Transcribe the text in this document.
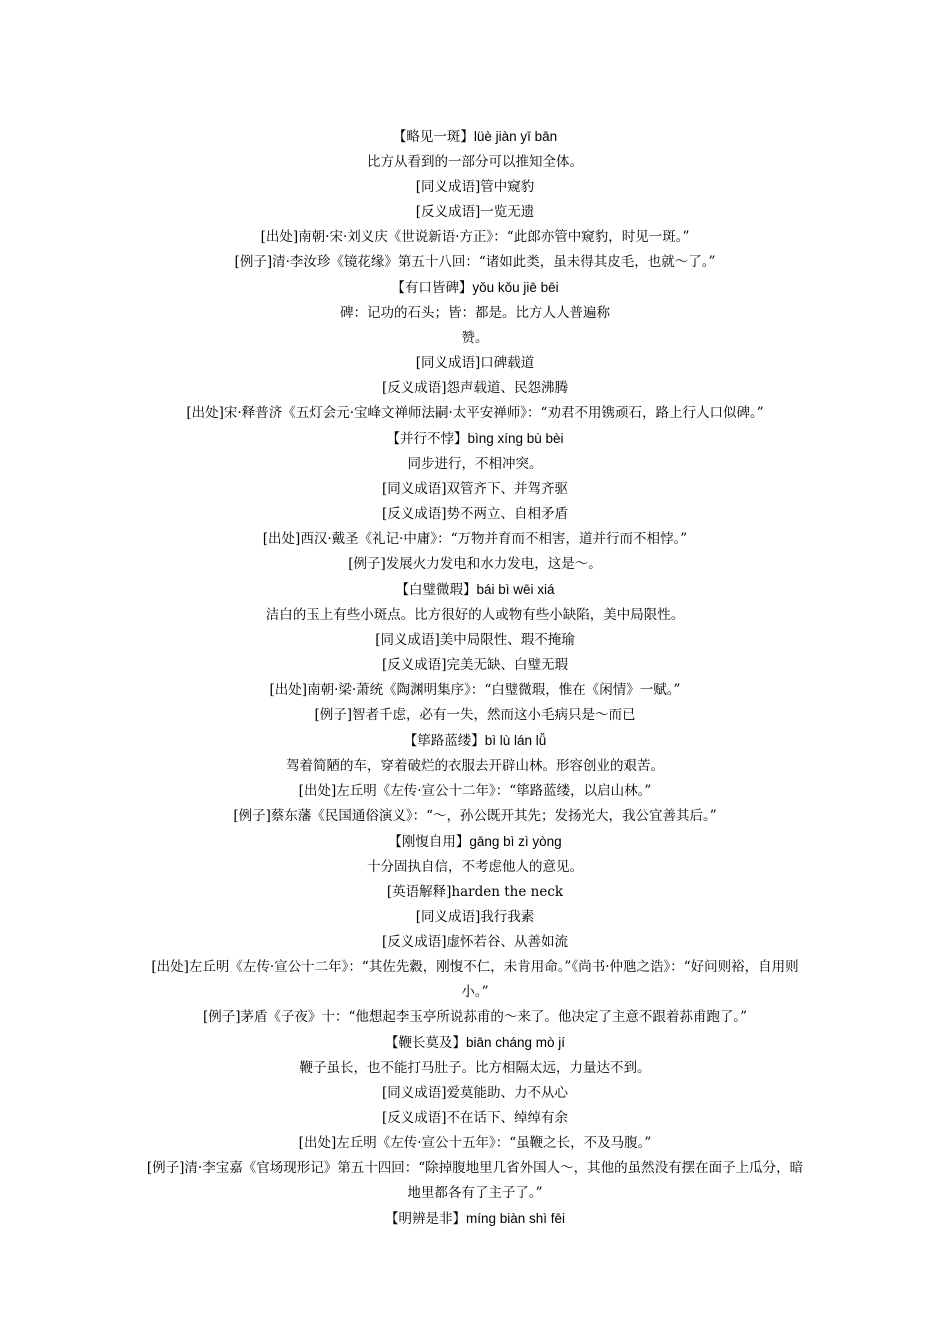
【略见一斑】lüè jiàn yī bān
比方从看到的一部分可以推知全体。
[同义成语]管中窥豹
[反义成语]一览无遗
[出处]南朝·宋·刘义庆《世说新语·方正》：“此郎亦管中窥豹，时见一斑。”
[例子]清·李汝珍《镜花缘》第五十八回：“诸如此类，虽未得其皮毛，也就～了。”
【有口皆碑】yǒu kǒu jiē bēi
碑：记功的石头；皆：都是。比方人人普遍称
赞。
[同义成语]口碑载道
[反义成语]怨声载道、民怨沸腾
[出处]宋·释普济《五灯会元·宝峰文禅师法嗣·太平安禅师》：“劝君不用镌顽石，路上行人口似碑。”
【并行不悖】bìng xíng bù bèi
同步进行，不相冲突。
[同义成语]双管齐下、并驾齐驱
[反义成语]势不两立、自相矛盾
[出处]西汉·戴圣《礼记·中庸》：“万物并育而不相害，道并行而不相悖。”
[例子]发展火力发电和水力发电，这是～。
【白璧微瑕】bái bì wēi xiá
洁白的玉上有些小斑点。比方很好的人或物有些小缺陷，美中局限性。
[同义成语]美中局限性、瑕不掩瑜
[反义成语]完美无缺、白璧无瑕
[出处]南朝·梁·萧统《陶渊明集序》：“白璧微瑕，惟在《闲情》一赋。”
[例子]智者千虑，必有一失，然而这小毛病只是～而已
【筚路蓝缕】bì lù lán lǚ
驾着简陋的车，穿着破烂的衣服去开辟山林。形容创业的艰苦。
[出处]左丘明《左传·宣公十二年》：“筚路蓝缕，以启山林。”
[例子]蔡东藩《民国通俗演义》：“～，孙公既开其先；发扬光大，我公宜善其后。”
【刚愎自用】gāng bì zì yòng
十分固执自信，不考虑他人的意见。
[英语解释]harden the neck
[同义成语]我行我素
[反义成语]虚怀若谷、从善如流
[出处]左丘明《左传·宣公十二年》：“其佐先縠，刚愎不仁，未肯用命。”《尚书·仲虺之诰》：“好问则裕，自用则小。”
[例子]茅盾《子夜》十：“他想起李玉亭所说荪甫的～来了。他决定了主意不跟着荪甫跑了。”
【鞭长莫及】biān cháng mò jí
鞭子虽长，也不能打马肚子。比方相隔太远，力量达不到。
[同义成语]爱莫能助、力不从心
[反义成语]不在话下、绰绰有余
[出处]左丘明《左传·宣公十五年》：“虽鞭之长，不及马腹。”
[例子]清·李宝嘉《官场现形记》第五十四回：“除掉腹地里几省外国人～，其他的虽然没有摆在面子上瓜分，暗地里都各有了主子了。”
【明辨是非】míng biàn shì fēi
